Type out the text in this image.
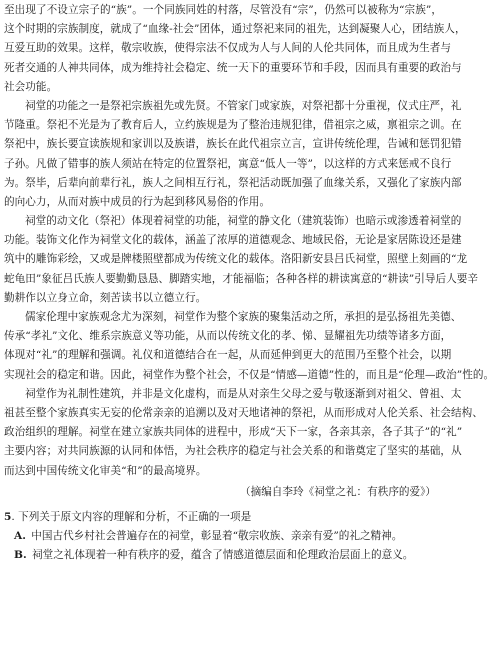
至出现了不设立宗子的“族”。一个同族同姓的村落，尽管没有“宗”，仍然可以被称为“宗族”，
这个时期的宗族制度，就成了“血缘-社会”团体，通过祭祀来同的祖先，达到凝聚人心，团结族人，
互爱互助的效果。这样，敬宗收族，使得宗法不仅成为人与人间的人伦共同体，而且成为生者与
死者交通的人神共同体，成为维持社会稳定、统一天下的重要环节和手段，因而具有重要的政治与
社会功能。
祠堂的功能之一是祭祀宗族祖先或先贤。不管家门或家族，对祭祀都十分重视，仪式庄严，礼
节隆重。祭祀不光是为了教育后人，立约族规是为了整治违规犯律，借祖宗之威，禀祖宗之训。在
祭祀中，族长要宣读族规和家训以及族谱，族长在此代祖宗立言，宣讲传统伦理，告诫和惩罚犯错
子孙。凡做了错事的族人须站在特定的位置祭祀，寓意“低人一等”，以这样的方式来惩戒不良行
为。祭毕，后辈向前辈行礼，族人之间相互行礼，祭祀活动既加强了血缘关系，又强化了家族内部
的向心力，从而对族中成员的行为起到移风易俗的作用。
祠堂的动文化（祭祀）体现着祠堂的功能，祠堂的静文化（建筑装饰）也暗示或渗透着祠堂的
功能。装饰文化作为祠堂文化的载体，涵盖了浓厚的道德观念、地域民俗，无论是家居陈设还是建
筑中的雕饰彩绘，又或是牌楼照壁都成为传统文化的载体。洛阳新安县吕氏祠堂，照壁上刻画的“龙
蛇龟田”象征吕氏族人要勤勤恳恳、脚踏实地，才能福临；各种各样的耕读寓意的“耕读”引导后人要辛
勤耕作以立身立命，刻苦读书以立德立行。
儒家伦理中家族观念尤为深刻，祠堂作为整个家族的聚集活动之所，承担的是弘扬祖先美德、
传承“孝礼”文化、维系宗族意义等功能，从而以传统文化的孝、悌、显耀祖先功绩等诸多方面，
体现对“礼”的理解和强调。礼仪和道德结合在一起，从而延伸到更大的范围乃至整个社会，以期
实现社会的稳定和谐。因此，祠堂作为整个社会，不仅是“情感—道德”性的，而且是“伦理—政治”性的。
祠堂作为礼制性建筑，并非是文化虚构，而是从对亲生父母之爱与敬逐渐到对祖父、曾祖、太
祖甚至整个家族真实无妄的伦常亲亲的追溯以及对天地诸神的祭祀，从而形成对人伦关系、社会结构、
政治组织的理解。祠堂在建立家族共同体的进程中，形成“天下一家，各亲其亲，各子其子”的“礼”
主要内容；对共同族源的认同和体悟，为社会秩序的稳定与社会关系的和谐奠定了坚实的基础，从
而达到中国传统文化审美“和”的最高境界。
（摘编自李玲《祠堂之礼：有秩序的爱》）
5. 下列关于原文内容的理解和分析，不正确的一项是
A. 中国古代乡村社会普遍存在的祠堂，彰显着“敬宗收族、亲亲有爱”的礼之精神。
B. 祠堂之礼体现着一种有秩序的爱，蕴含了情感道德层面和伦理政治层面上的意义。
